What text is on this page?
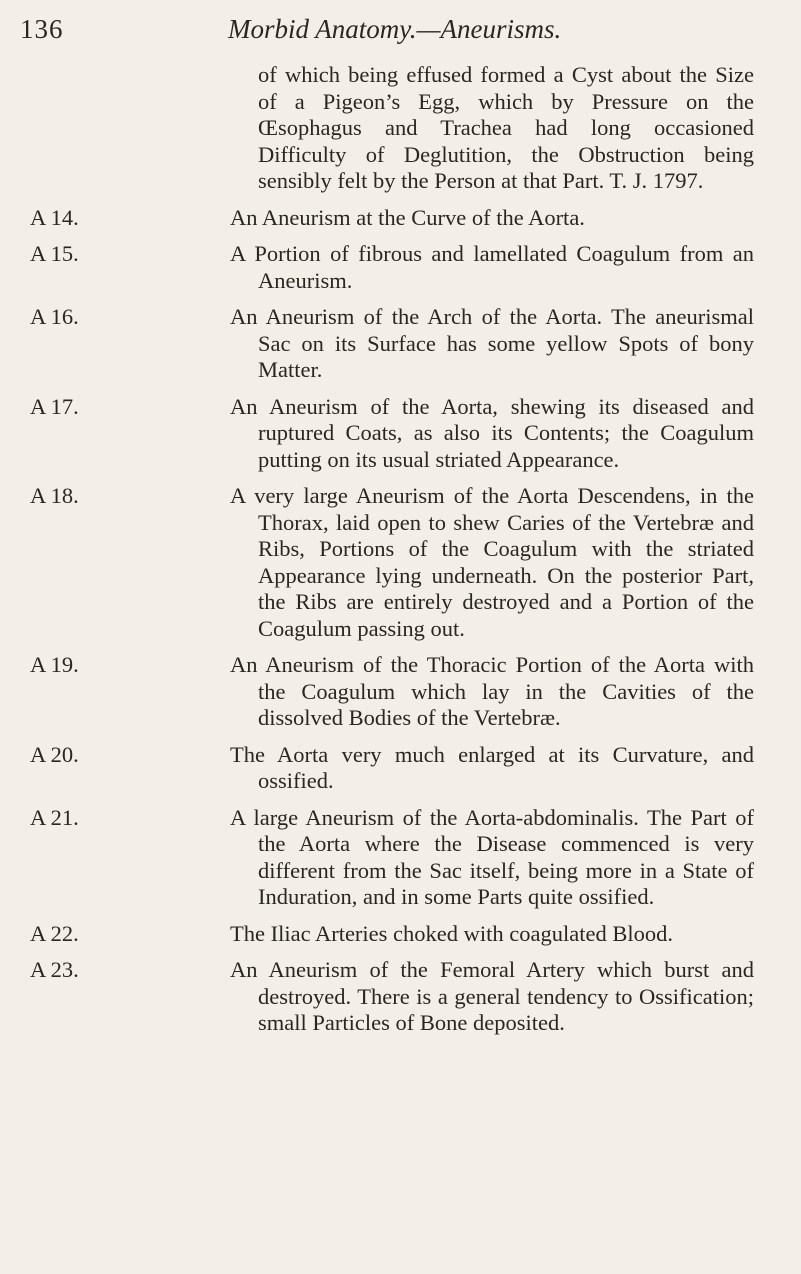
136	Morbid Anatomy.—Aneurisms.

of which being effused formed a Cyst about the Size of a Pigeon’s Egg, which by Pressure on the Œsophagus and Trachea had long occasioned Difficulty of Deglutition, the Obstruction being sensibly felt by the Person at that Part. T. J. 1797.

A 14.	An Aneurism at the Curve of the Aorta.
A 15.	A Portion of fibrous and lamellated Coagulum from an Aneurism.
A 16.	An Aneurism of the Arch of the Aorta. The aneurismal Sac on its Surface has some yellow Spots of bony Matter.
A 17.	An Aneurism of the Aorta, shewing its diseased and ruptured Coats, as also its Contents; the Coagulum putting on its usual striated Appearance.
A 18.	A very large Aneurism of the Aorta Descendens, in the Thorax, laid open to shew Caries of the Vertebræ and Ribs, Portions of the Coagulum with the striated Appearance lying underneath. On the posterior Part, the Ribs are entirely destroyed and a Portion of the Coagulum passing out.
A 19.	An Aneurism of the Thoracic Portion of the Aorta with the Coagulum which lay in the Cavities of the dissolved Bodies of the Vertebræ.
A 20.	The Aorta very much enlarged at its Curvature, and ossified.
A 21.	A large Aneurism of the Aorta-abdominalis. The Part of the Aorta where the Disease commenced is very different from the Sac itself, being more in a State of Induration, and in some Parts quite ossified.
A 22.	The Iliac Arteries choked with coagulated Blood.
A 23.	An Aneurism of the Femoral Artery which burst and destroyed. There is a general tendency to Ossification; small Particles of Bone deposited.
